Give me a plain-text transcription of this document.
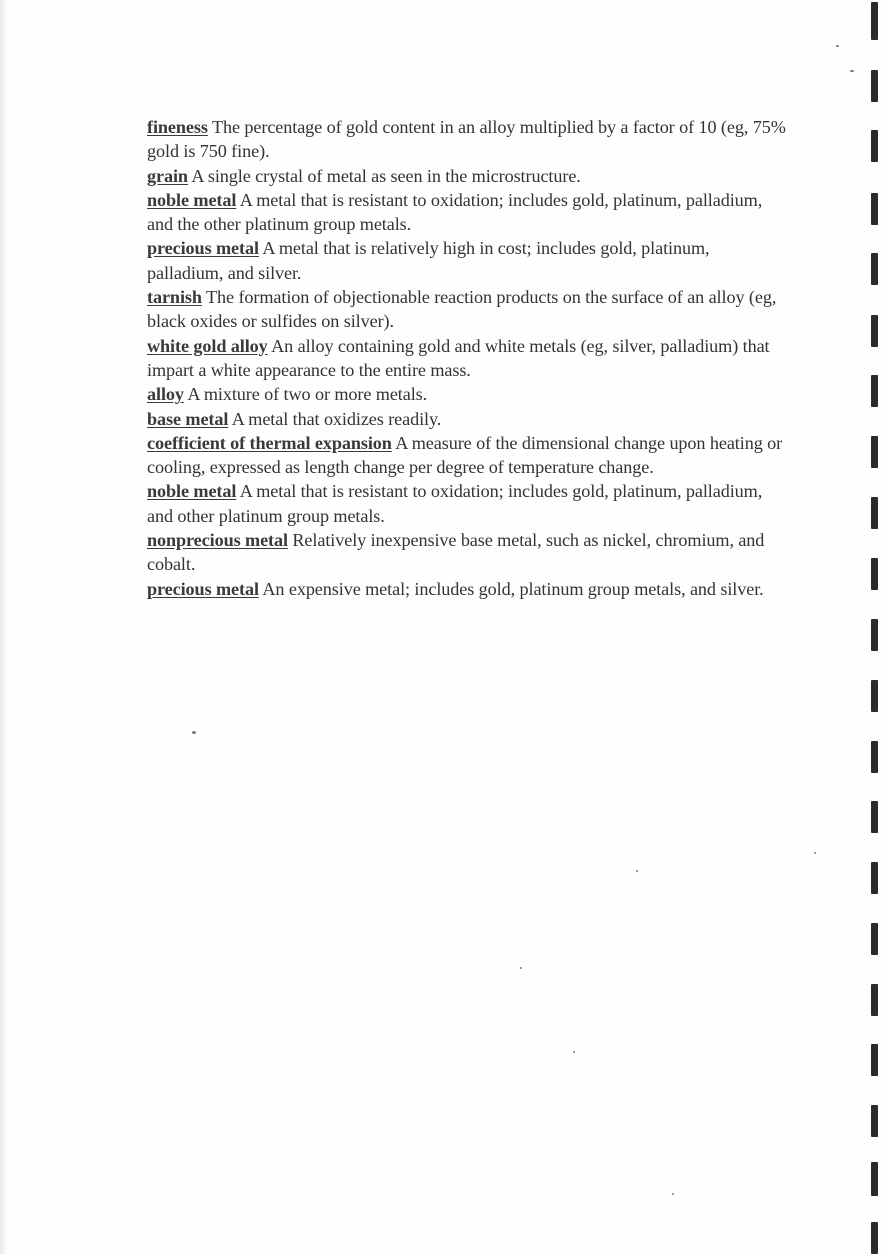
fineness The percentage of gold content in an alloy multiplied by a factor of 10 (eg, 75% gold is 750 fine).

grain A single crystal of metal as seen in the microstructure.

noble metal A metal that is resistant to oxidation; includes gold, platinum, palladium, and the other platinum group metals.

precious metal A metal that is relatively high in cost; includes gold, platinum, palladium, and silver.

tarnish The formation of objectionable reaction products on the surface of an alloy (eg, black oxides or sulfides on silver).

white gold alloy An alloy containing gold and white metals (eg, silver, palladium) that impart a white appearance to the entire mass.

alloy A mixture of two or more metals.

base metal A metal that oxidizes readily.

coefficient of thermal expansion A measure of the dimensional change upon heating or cooling, expressed as length change per degree of temperature change.

noble metal A metal that is resistant to oxidation; includes gold, platinum, palladium, and other platinum group metals.

nonprecious metal Relatively inexpensive base metal, such as nickel, chromium, and cobalt.

precious metal An expensive metal; includes gold, platinum group metals, and silver.
